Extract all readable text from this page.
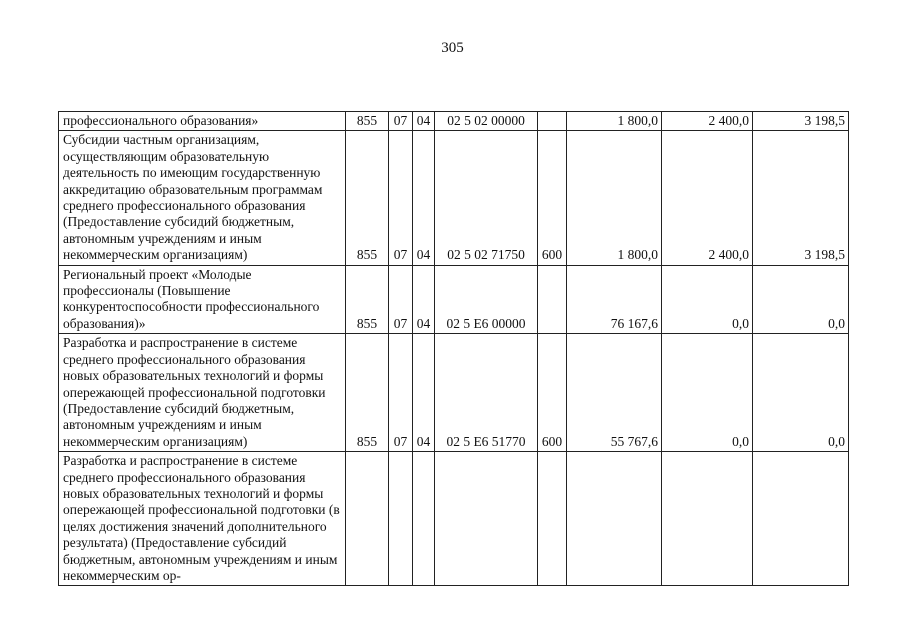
305
профессионального образования»	855	07	04	02 5 02 00000		1 800,0	2 400,0	3 198,5
Субсидии частным организациям, осуществляющим образовательную деятельность по имеющим государственную аккредитацию образовательным программам среднего профессионального образования (Предоставление субсидий бюджетным, автономным учреждениям и иным некоммерческим организациям)	855	07	04	02 5 02 71750	600	1 800,0	2 400,0	3 198,5
Региональный проект «Молодые профессионалы (Повышение конкурентоспособности профессионального образования)»	855	07	04	02 5 E6 00000		76 167,6	0,0	0,0
Разработка и распространение в системе среднего профессионального образования новых образовательных технологий и формы опережающей профессиональной подготовки (Предоставление субсидий бюджетным, автономным учреждениям и иным некоммерческим организациям)	855	07	04	02 5 E6 51770	600	55 767,6	0,0	0,0
Разработка и распространение в системе среднего профессионального образования новых образовательных технологий и формы опережающей профессиональной подготовки (в целях достижения значений дополнительного результата) (Предоставление субсидий бюджетным, автономным учреждениям и иным некоммерческим ор-								
